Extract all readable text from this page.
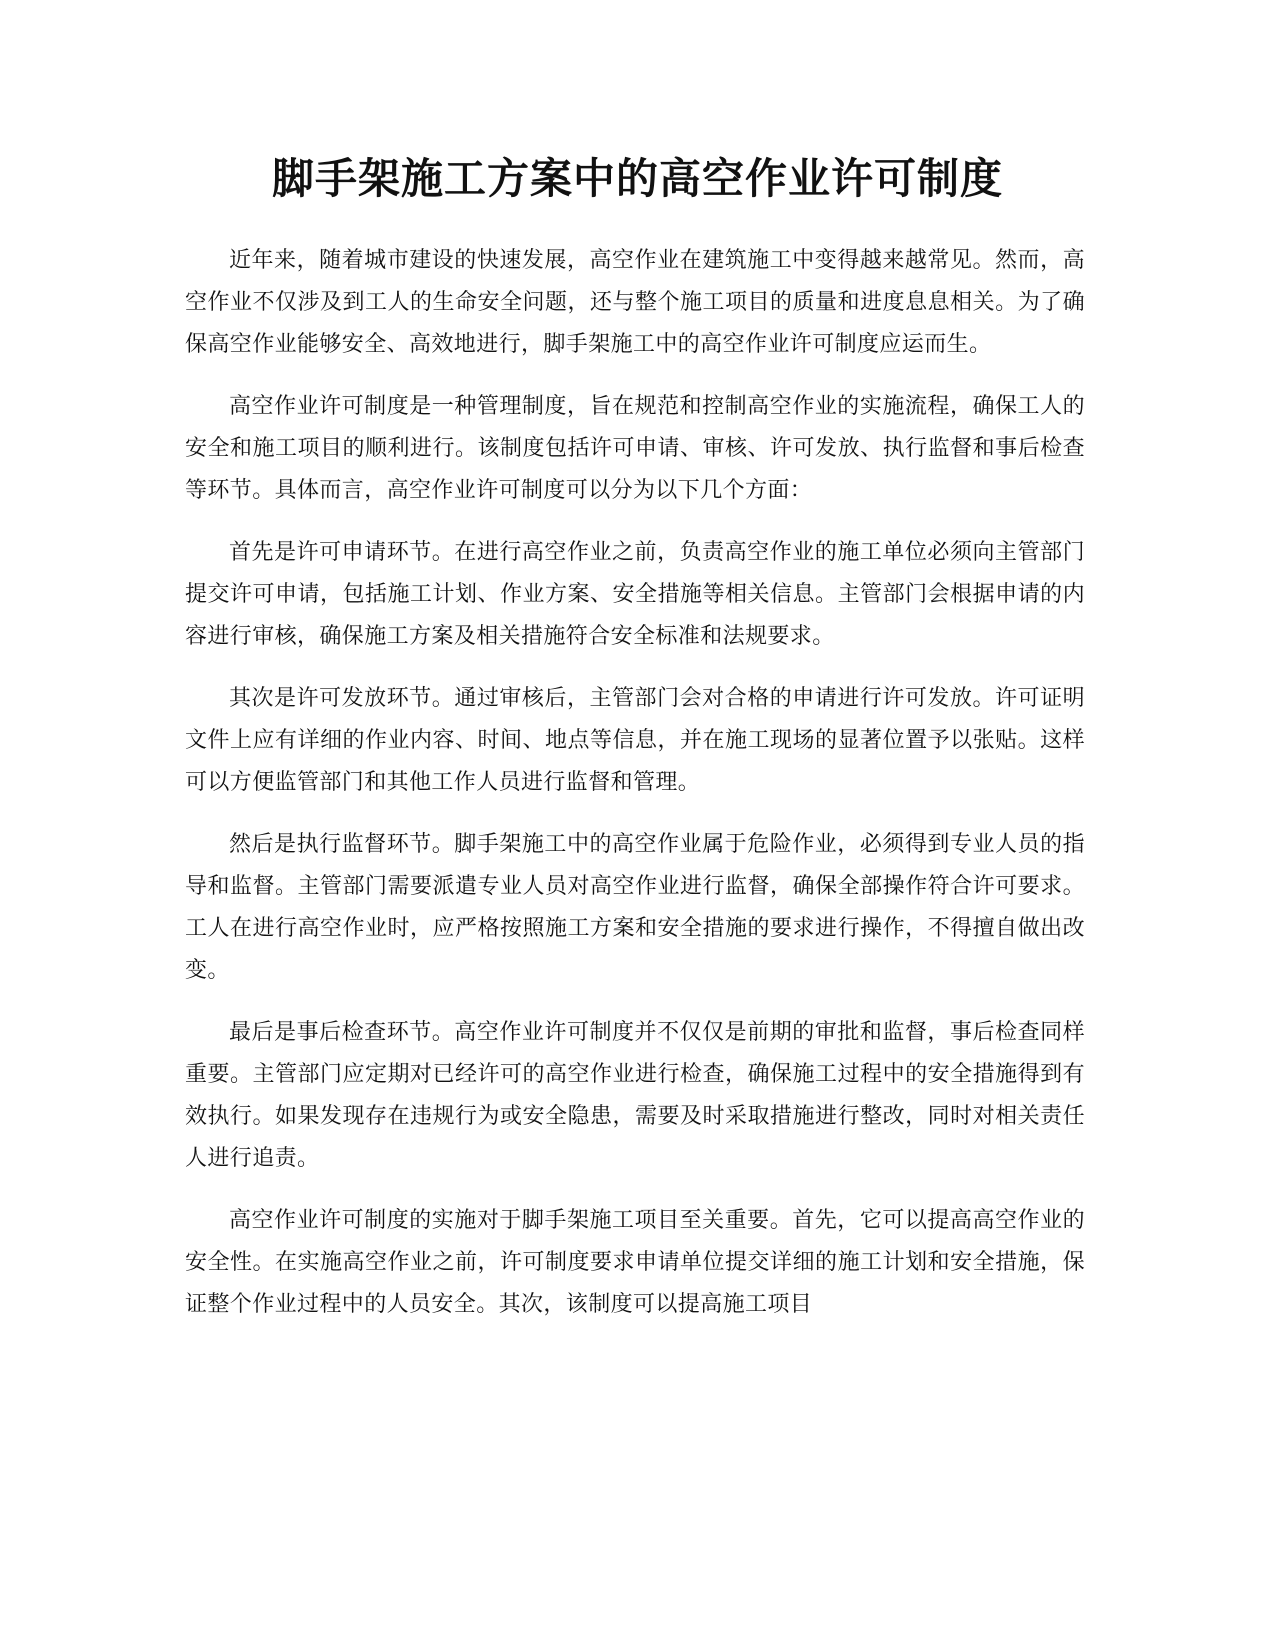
脚手架施工方案中的高空作业许可制度

近年来，随着城市建设的快速发展，高空作业在建筑施工中变得越来越常见。然而，高空作业不仅涉及到工人的生命安全问题，还与整个施工项目的质量和进度息息相关。为了确保高空作业能够安全、高效地进行，脚手架施工中的高空作业许可制度应运而生。

高空作业许可制度是一种管理制度，旨在规范和控制高空作业的实施流程，确保工人的安全和施工项目的顺利进行。该制度包括许可申请、审核、许可发放、执行监督和事后检查等环节。具体而言，高空作业许可制度可以分为以下几个方面：

首先是许可申请环节。在进行高空作业之前，负责高空作业的施工单位必须向主管部门提交许可申请，包括施工计划、作业方案、安全措施等相关信息。主管部门会根据申请的内容进行审核，确保施工方案及相关措施符合安全标准和法规要求。

其次是许可发放环节。通过审核后，主管部门会对合格的申请进行许可发放。许可证明文件上应有详细的作业内容、时间、地点等信息，并在施工现场的显著位置予以张贴。这样可以方便监管部门和其他工作人员进行监督和管理。

然后是执行监督环节。脚手架施工中的高空作业属于危险作业，必须得到专业人员的指导和监督。主管部门需要派遣专业人员对高空作业进行监督，确保全部操作符合许可要求。工人在进行高空作业时，应严格按照施工方案和安全措施的要求进行操作，不得擅自做出改变。

最后是事后检查环节。高空作业许可制度并不仅仅是前期的审批和监督，事后检查同样重要。主管部门应定期对已经许可的高空作业进行检查，确保施工过程中的安全措施得到有效执行。如果发现存在违规行为或安全隐患，需要及时采取措施进行整改，同时对相关责任人进行追责。

高空作业许可制度的实施对于脚手架施工项目至关重要。首先，它可以提高高空作业的安全性。在实施高空作业之前，许可制度要求申请单位提交详细的施工计划和安全措施，保证整个作业过程中的人员安全。其次，该制度可以提高施工项目
